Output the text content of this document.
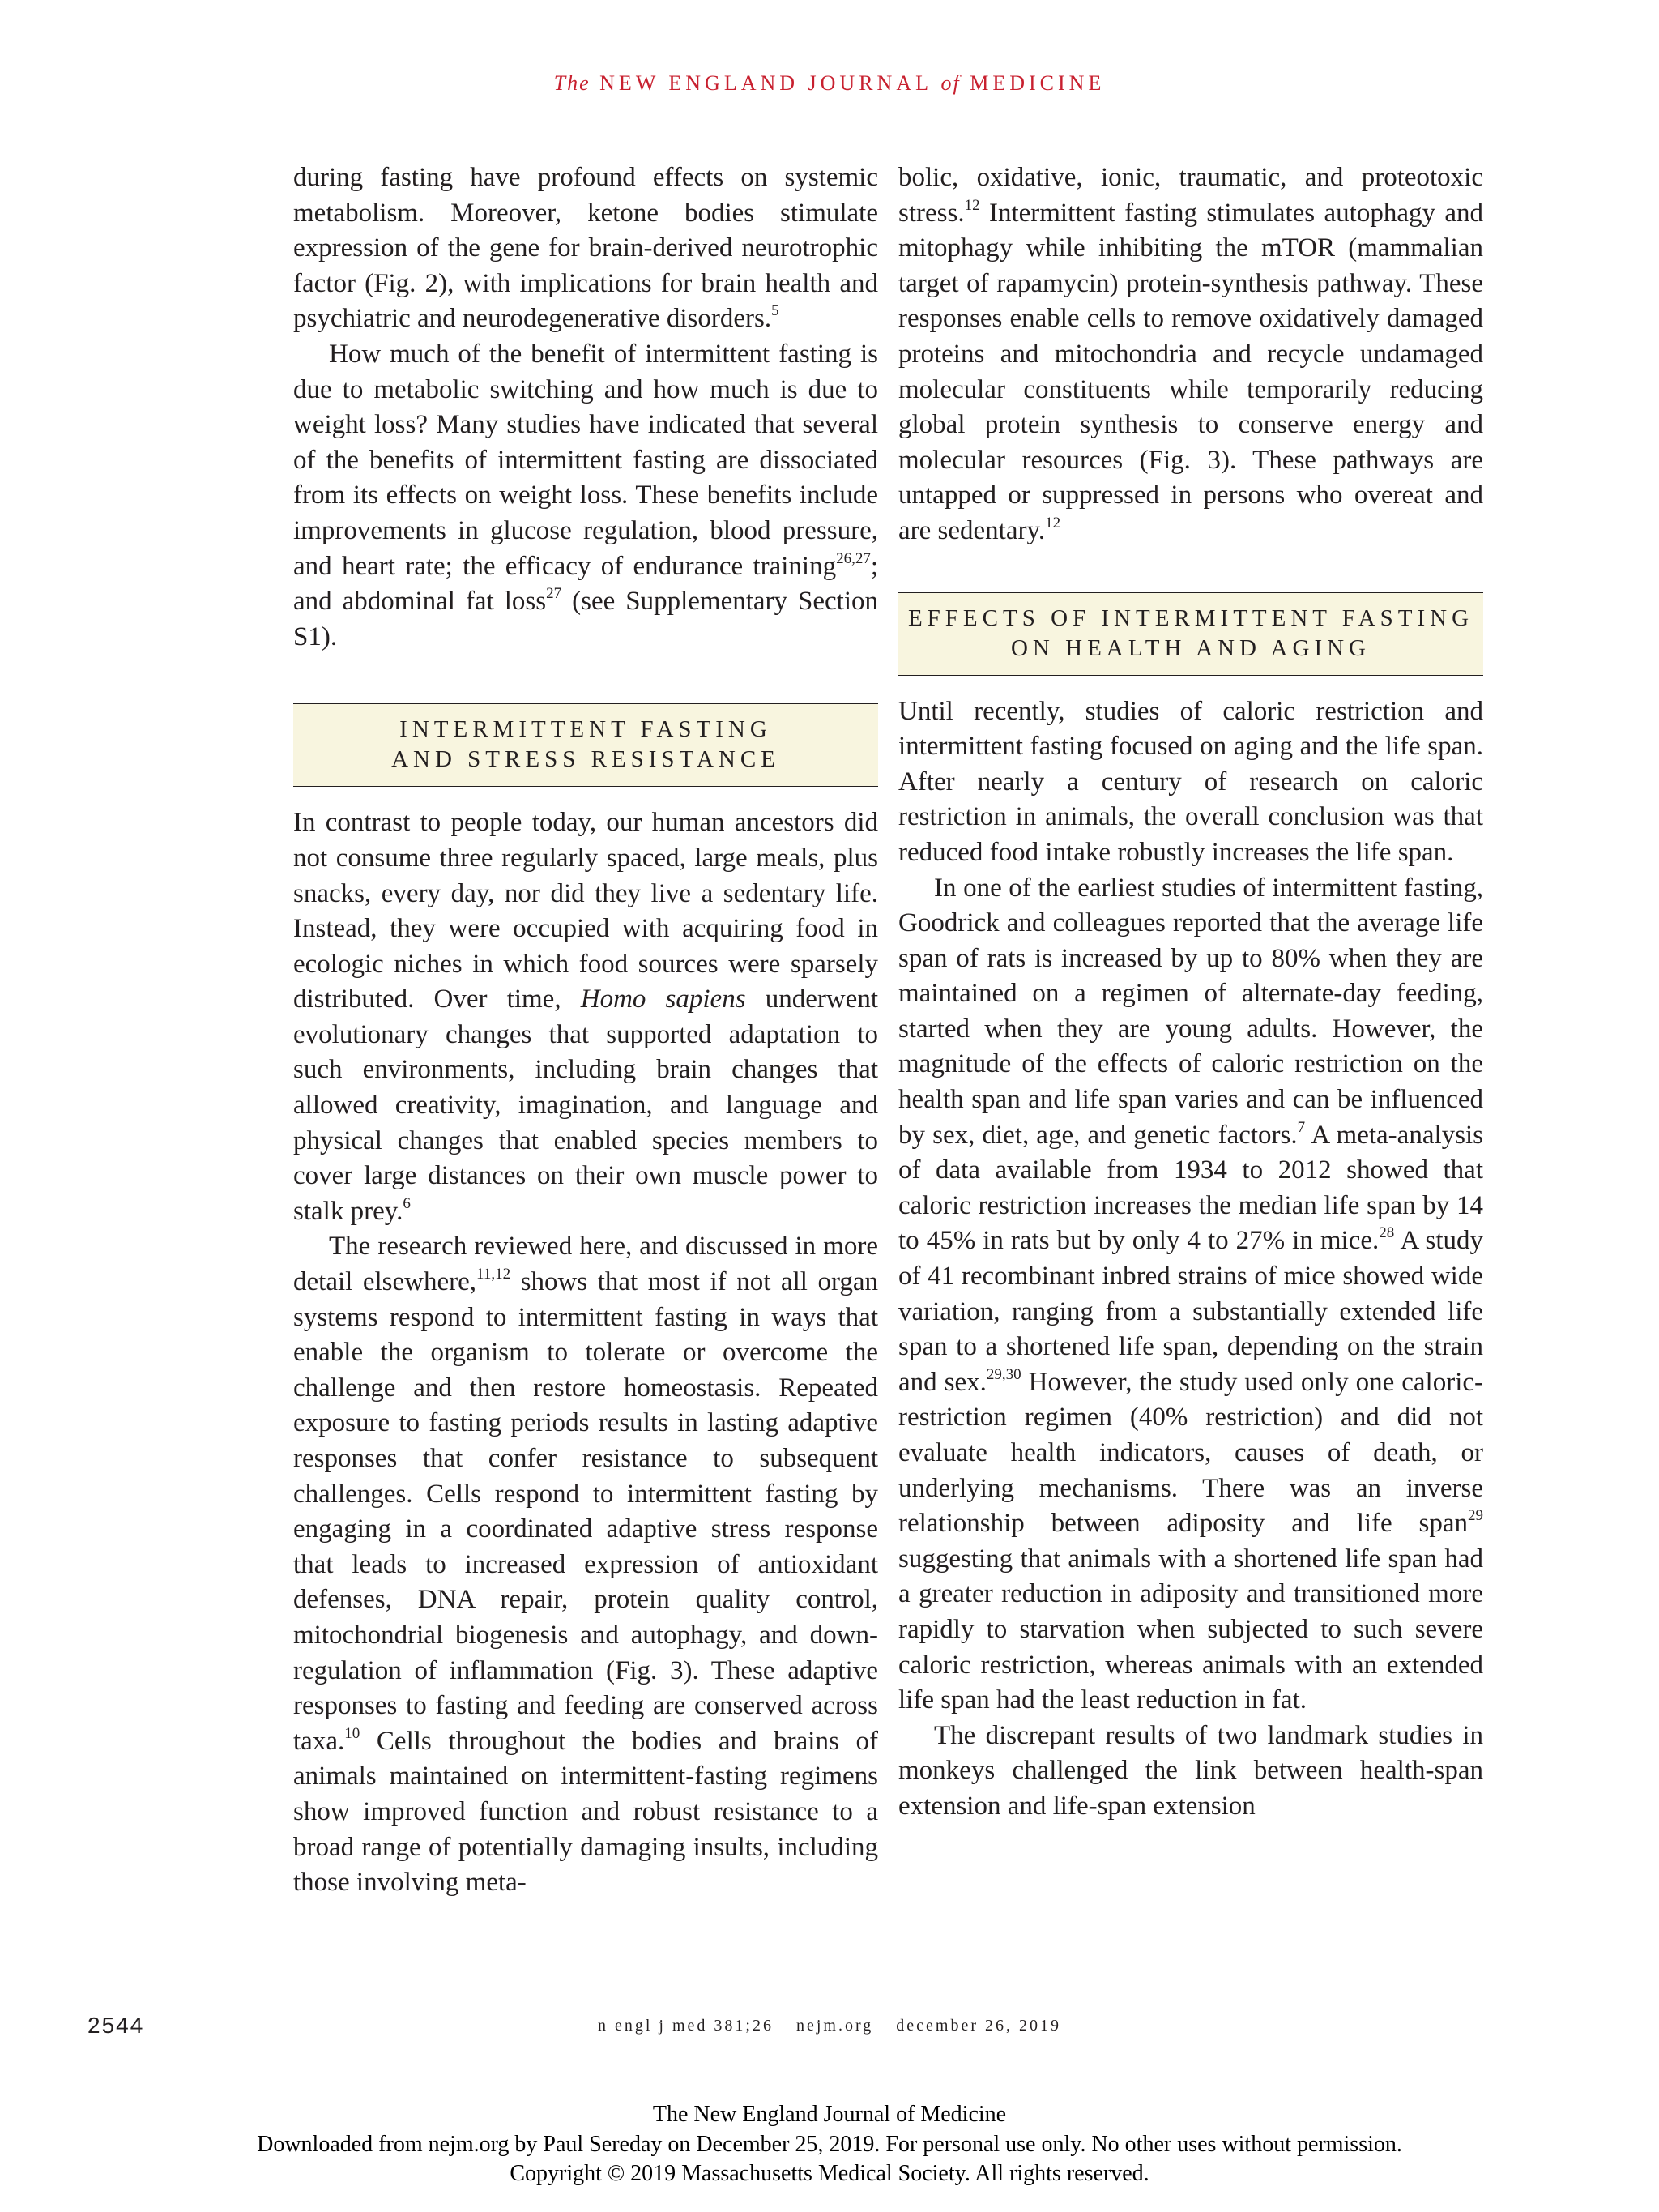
The NEW ENGLAND JOURNAL of MEDICINE

during fasting have profound effects on systemic metabolism. Moreover, ketone bodies stimulate expression of the gene for brain-derived neurotrophic factor (Fig. 2), with implications for brain health and psychiatric and neurodegenerative disorders.$^5$

How much of the benefit of intermittent fasting is due to metabolic switching and how much is due to weight loss? Many studies have indicated that several of the benefits of intermittent fasting are dissociated from its effects on weight loss. These benefits include improvements in glucose regulation, blood pressure, and heart rate; the efficacy of endurance training$^{26,27}$; and abdominal fat loss$^{27}$ (see Supplementary Section S1).

INTERMITTENT FASTING
AND STRESS RESISTANCE

In contrast to people today, our human ancestors did not consume three regularly spaced, large meals, plus snacks, every day, nor did they live a sedentary life. Instead, they were occupied with acquiring food in ecologic niches in which food sources were sparsely distributed. Over time, Homo sapiens underwent evolutionary changes that supported adaptation to such environments, including brain changes that allowed creativity, imagination, and language and physical changes that enabled species members to cover large distances on their own muscle power to stalk prey.$^6$

The research reviewed here, and discussed in more detail elsewhere,$^{11,12}$ shows that most if not all organ systems respond to intermittent fasting in ways that enable the organism to tolerate or overcome the challenge and then restore homeostasis. Repeated exposure to fasting periods results in lasting adaptive responses that confer resistance to subsequent challenges. Cells respond to intermittent fasting by engaging in a coordinated adaptive stress response that leads to increased expression of antioxidant defenses, DNA repair, protein quality control, mitochondrial biogenesis and autophagy, and down-regulation of inflammation (Fig. 3). These adaptive responses to fasting and feeding are conserved across taxa.$^{10}$ Cells throughout the bodies and brains of animals maintained on intermittent-fasting regimens show improved function and robust resistance to a broad range of potentially damaging insults, including those involving meta-

bolic, oxidative, ionic, traumatic, and proteotoxic stress.$^{12}$ Intermittent fasting stimulates autophagy and mitophagy while inhibiting the mTOR (mammalian target of rapamycin) protein-synthesis pathway. These responses enable cells to remove oxidatively damaged proteins and mitochondria and recycle undamaged molecular constituents while temporarily reducing global protein synthesis to conserve energy and molecular resources (Fig. 3). These pathways are untapped or suppressed in persons who overeat and are sedentary.$^{12}$

EFFECTS OF INTERMITTENT FASTING
ON HEALTH AND AGING

Until recently, studies of caloric restriction and intermittent fasting focused on aging and the life span. After nearly a century of research on caloric restriction in animals, the overall conclusion was that reduced food intake robustly increases the life span.

In one of the earliest studies of intermittent fasting, Goodrick and colleagues reported that the average life span of rats is increased by up to 80% when they are maintained on a regimen of alternate-day feeding, started when they are young adults. However, the magnitude of the effects of caloric restriction on the health span and life span varies and can be influenced by sex, diet, age, and genetic factors.$^7$ A meta-analysis of data available from 1934 to 2012 showed that caloric restriction increases the median life span by 14 to 45% in rats but by only 4 to 27% in mice.$^{28}$ A study of 41 recombinant inbred strains of mice showed wide variation, ranging from a substantially extended life span to a shortened life span, depending on the strain and sex.$^{29,30}$ However, the study used only one caloric-restriction regimen (40% restriction) and did not evaluate health indicators, causes of death, or underlying mechanisms. There was an inverse relationship between adiposity and life span$^{29}$ suggesting that animals with a shortened life span had a greater reduction in adiposity and transitioned more rapidly to starvation when subjected to such severe caloric restriction, whereas animals with an extended life span had the least reduction in fat.

The discrepant results of two landmark studies in monkeys challenged the link between health-span extension and life-span extension

2544	n engl j med 381;26 nejm.org december 26, 2019
The New England Journal of Medicine
Downloaded from nejm.org by Paul Sereday on December 25, 2019. For personal use only. No other uses without permission.
Copyright © 2019 Massachusetts Medical Society. All rights reserved.
